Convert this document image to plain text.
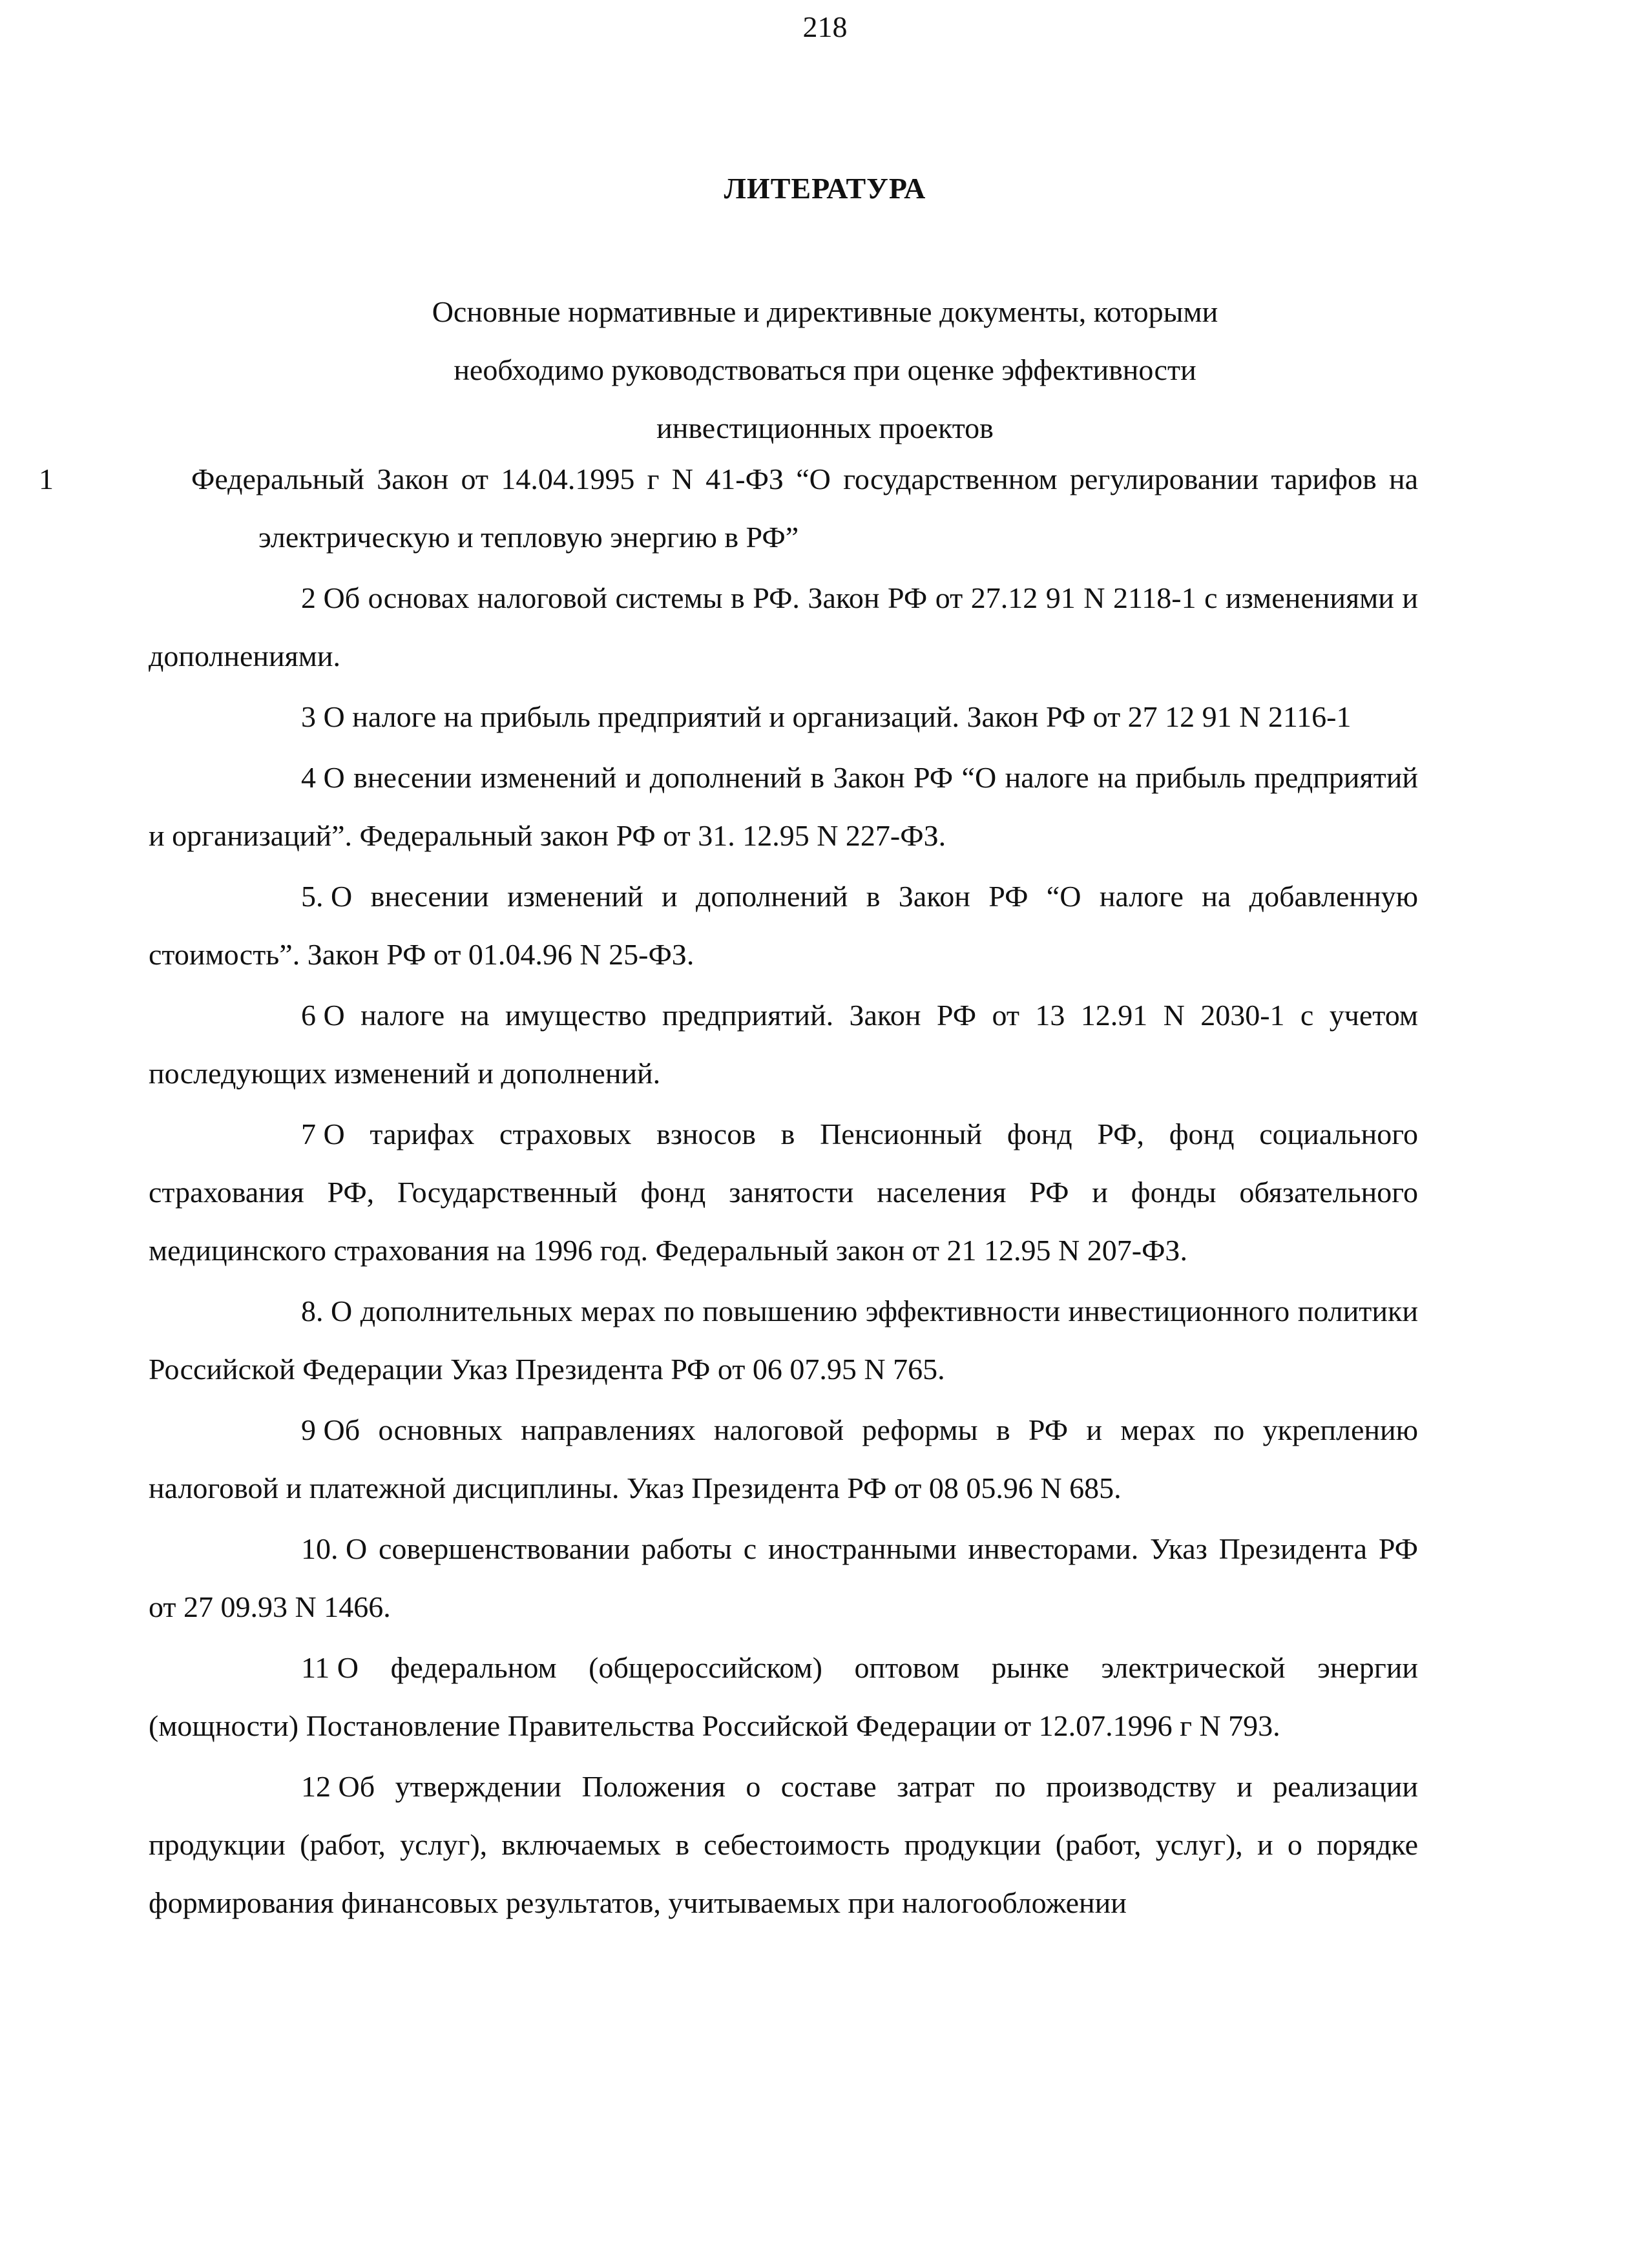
218
ЛИТЕРАТУРА
Основные нормативные и директивные документы, которыми
необходимо руководствоваться при оценке эффективности
инвестиционных проектов

1	Федеральный Закон от 14.04.1995 г N 41-ФЗ “О государственном регулировании тарифов на электрическую и тепловую энергию в РФ”

2 Об основах налоговой системы в РФ. Закон РФ от 27.12 91 N 2118-1 с изменениями и дополнениями.

3 О налоге на прибыль предприятий и организаций. Закон РФ от 27 12 91 N 2116-1

4 О внесении изменений и дополнений в Закон РФ “О налоге на прибыль предприятий и организаций”. Федеральный закон РФ от 31. 12.95 N 227-ФЗ.

5. О внесении изменений и дополнений в Закон РФ “О налоге на добавленную стоимость”. Закон РФ от 01.04.96 N 25-ФЗ.

6 О налоге на имущество предприятий. Закон РФ от 13 12.91 N 2030-1 с учетом последующих изменений и дополнений.

7 О тарифах страховых взносов в Пенсионный фонд РФ, фонд социального страхования РФ, Государственный фонд занятости населения РФ и фонды обязательного медицинского страхования на 1996 год. Федеральный закон от 21 12.95 N 207-ФЗ.

8. О дополнительных мерах по повышению эффективности инвестиционного политики Российской Федерации Указ Президента РФ от 06 07.95 N 765.

9 Об основных направлениях налоговой реформы в РФ и мерах по укреплению налоговой и платежной дисциплины. Указ Президента РФ от 08 05.96 N 685.

10. О совершенствовании работы с иностранными инвесторами. Указ Президента РФ от 27 09.93 N 1466.

11 О федеральном (общероссийском) оптовом рынке электрической энергии (мощности) Постановление Правительства Российской Федерации от 12.07.1996 г N 793.

12 Об утверждении Положения о составе затрат по производству и реализации продукции (работ, услуг), включаемых в себестоимость продукции (работ, услуг), и о порядке формирования финансовых результатов, учитываемых при налогообложении
